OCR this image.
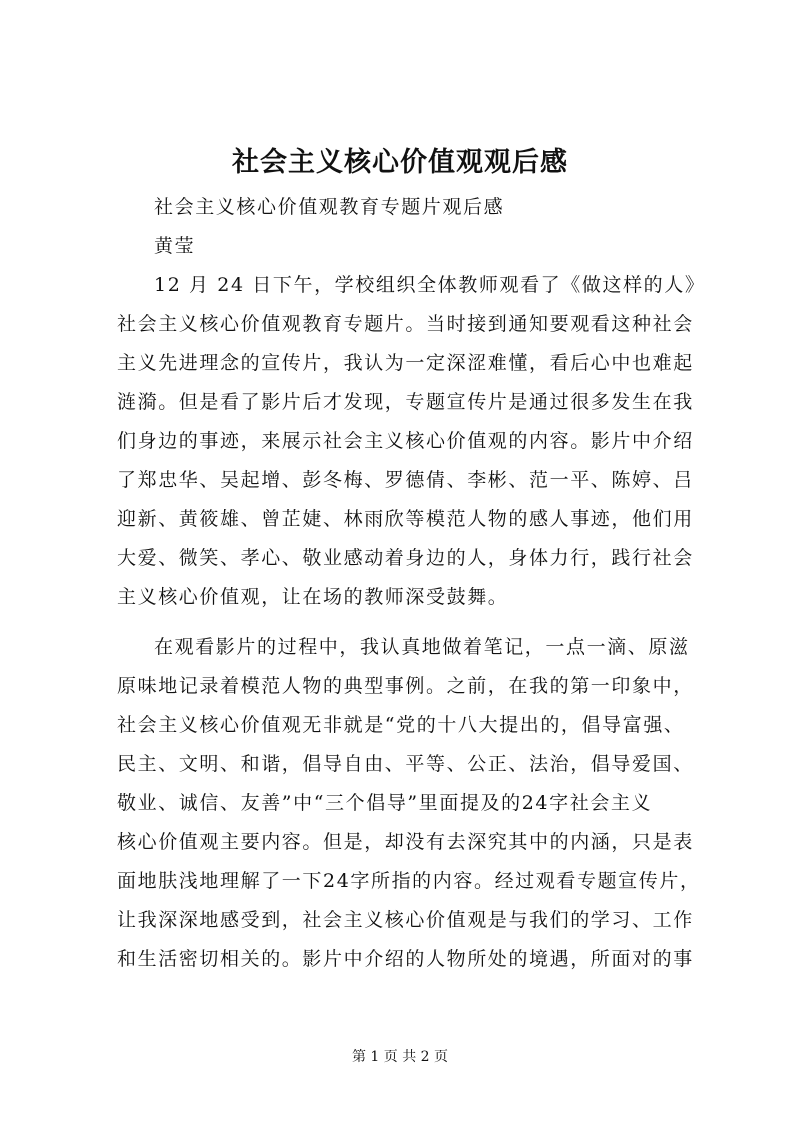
社会主义核心价值观观后感
社会主义核心价值观教育专题片观后感
黄莹
12 月 24 日下午，学校组织全体教师观看了《做这样的人》
社会主义核心价值观教育专题片。当时接到通知要观看这种社会
主义先进理念的宣传片，我认为一定深涩难懂，看后心中也难起
涟漪。但是看了影片后才发现，专题宣传片是通过很多发生在我
们身边的事迹，来展示社会主义核心价值观的内容。影片中介绍
了郑忠华、吴起增、彭冬梅、罗德倩、李彬、范一平、陈婷、吕
迎新、黄筱雄、曾芷婕、林雨欣等模范人物的感人事迹，他们用
大爱、微笑、孝心、敬业感动着身边的人，身体力行，践行社会
主义核心价值观，让在场的教师深受鼓舞。
在观看影片的过程中，我认真地做着笔记，一点一滴、原滋
原味地记录着模范人物的典型事例。之前，在我的第一印象中，
社会主义核心价值观无非就是“党的十八大提出的，倡导富强、
民主、文明、和谐，倡导自由、平等、公正、法治，倡导爱国、
敬业、诚信、友善”中“三个倡导”里面提及的24字社会主义
核心价值观主要内容。但是，却没有去深究其中的内涵，只是表
面地肤浅地理解了一下24字所指的内容。经过观看专题宣传片，
让我深深地感受到，社会主义核心价值观是与我们的学习、工作
和生活密切相关的。影片中介绍的人物所处的境遇，所面对的事
第 1 页 共 2 页
